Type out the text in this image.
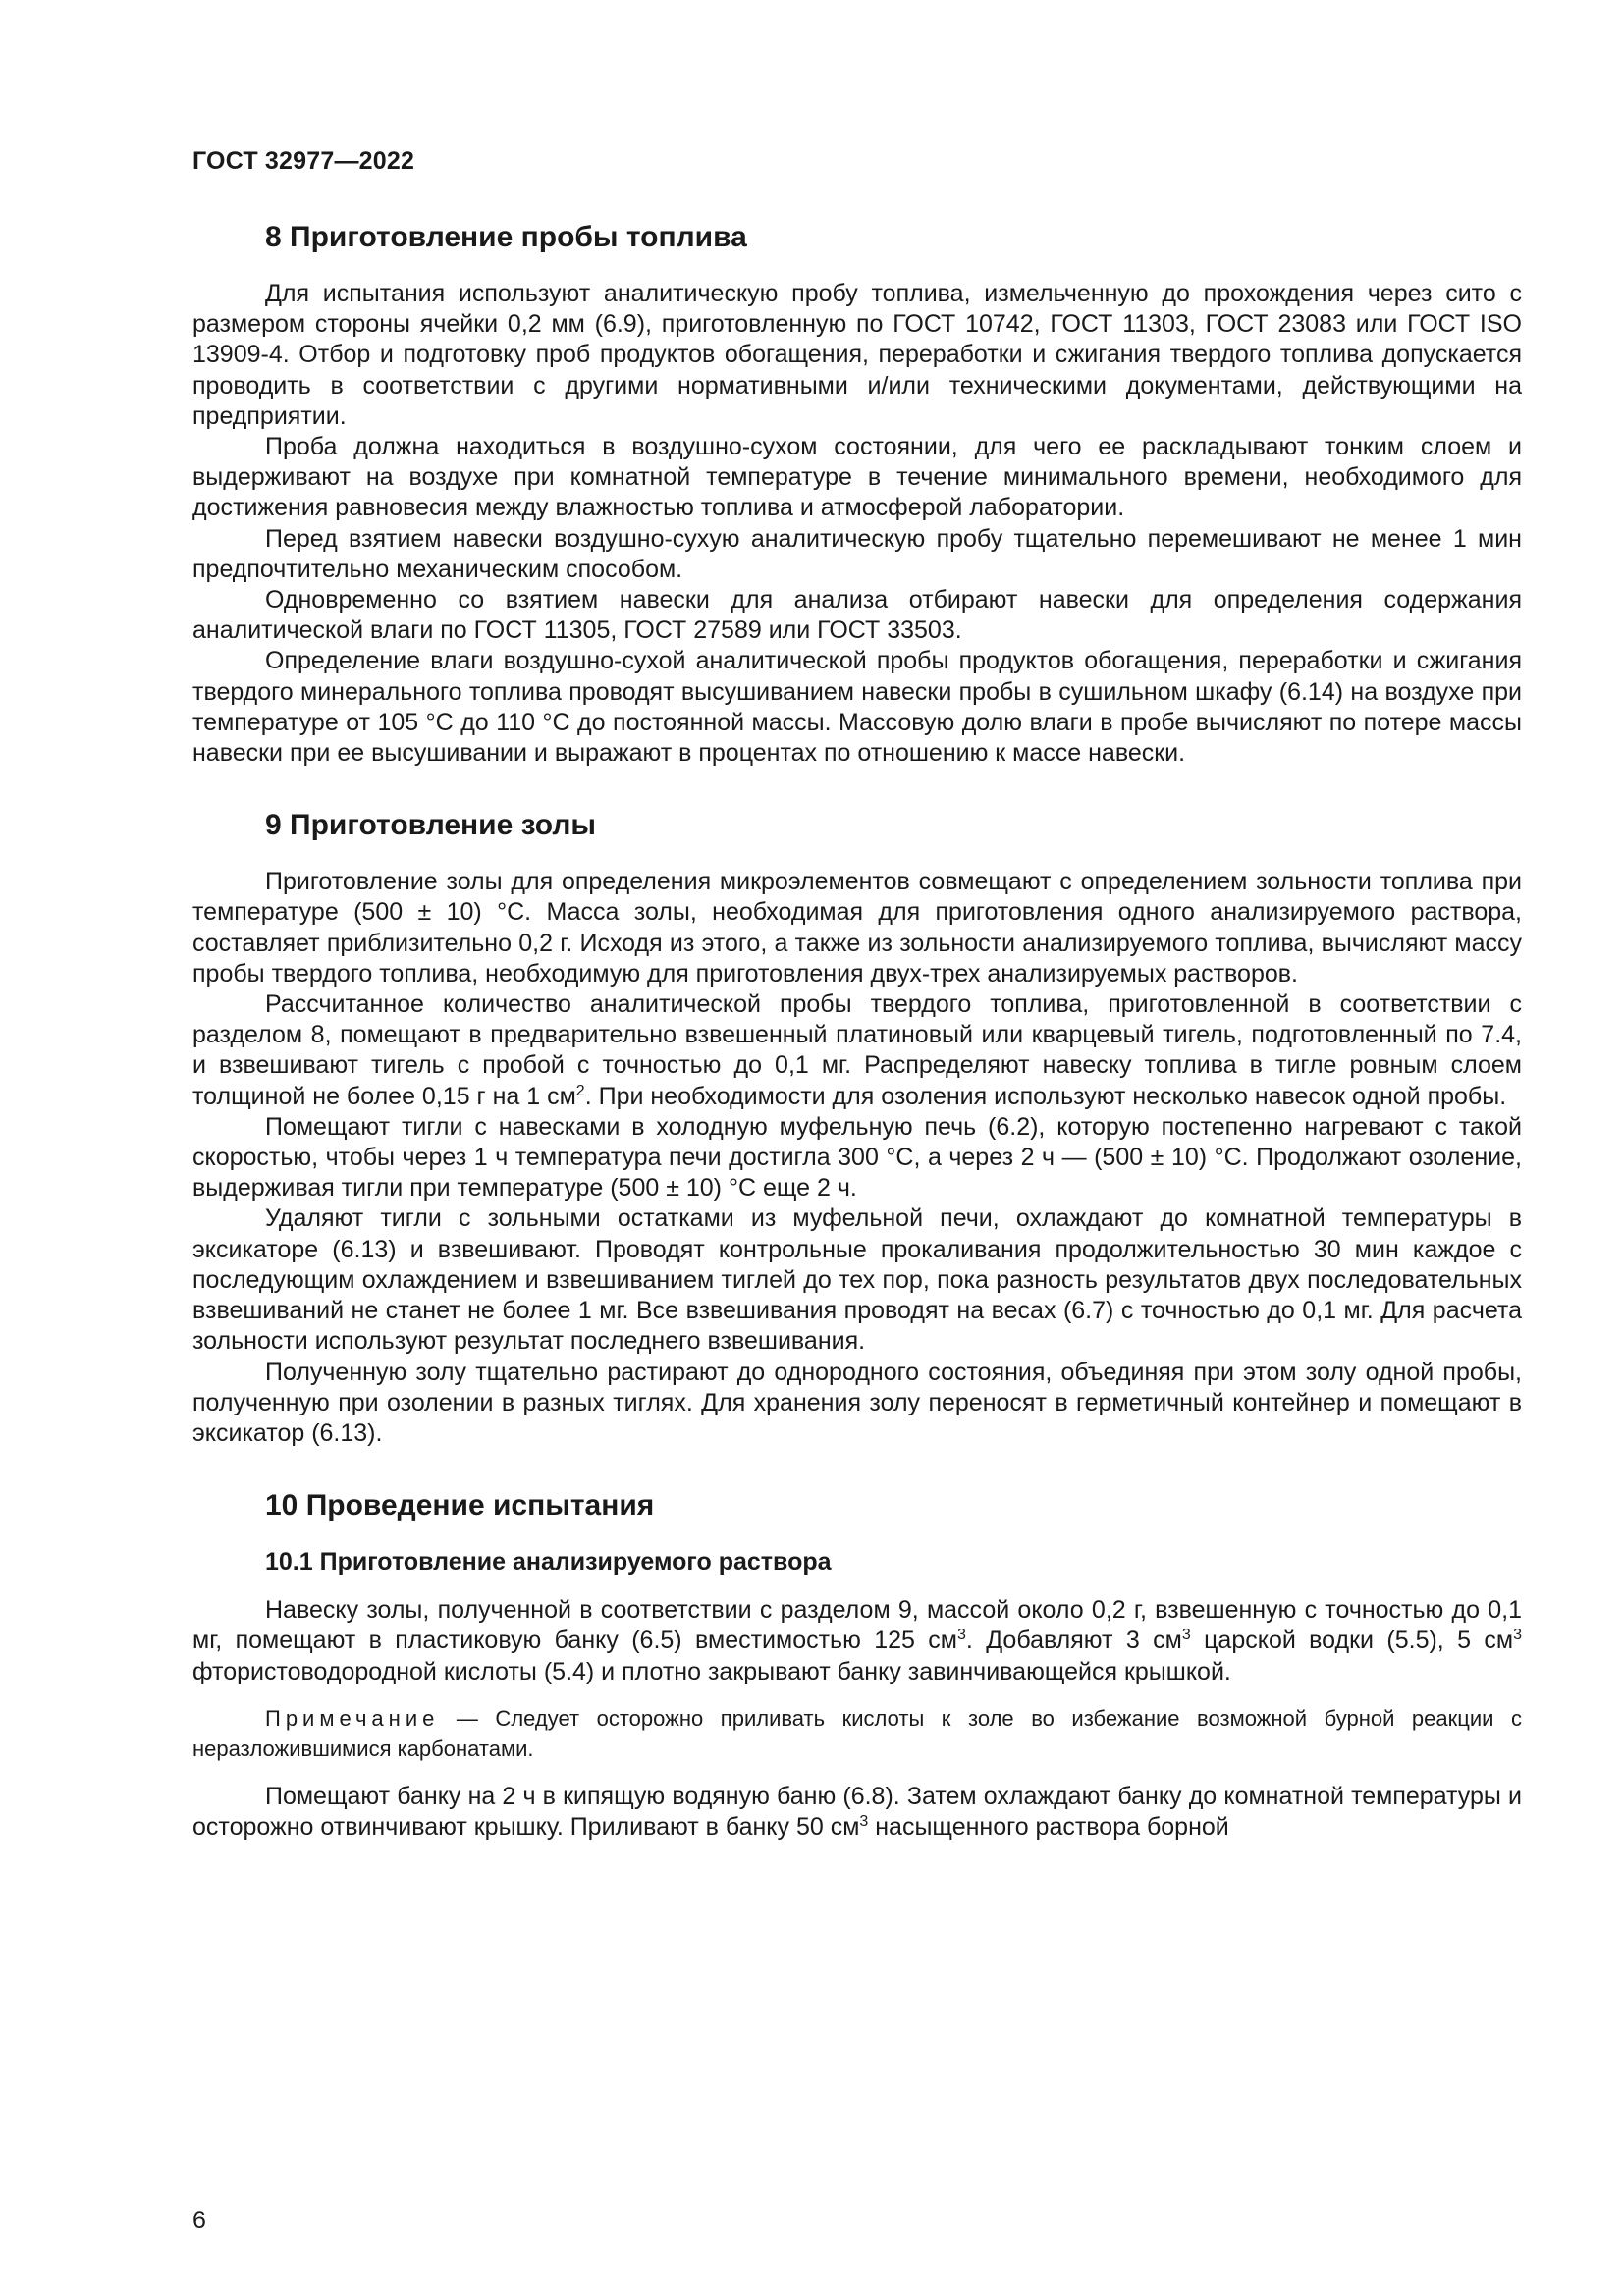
ГОСТ 32977—2022
8 Приготовление пробы топлива

Для испытания используют аналитическую пробу топлива, измельченную до прохождения через сито с размером стороны ячейки 0,2 мм (6.9), приготовленную по ГОСТ 10742, ГОСТ 11303, ГОСТ 23083 или ГОСТ ISO 13909-4. Отбор и подготовку проб продуктов обогащения, переработки и сжигания твердого топлива допускается проводить в соответствии с другими нормативными и/или техническими документами, действующими на предприятии.

Проба должна находиться в воздушно-сухом состоянии, для чего ее раскладывают тонким слоем и выдерживают на воздухе при комнатной температуре в течение минимального времени, необходимого для достижения равновесия между влажностью топлива и атмосферой лаборатории.

Перед взятием навески воздушно-сухую аналитическую пробу тщательно перемешивают не менее 1 мин предпочтительно механическим способом.

Одновременно со взятием навески для анализа отбирают навески для определения содержания аналитической влаги по ГОСТ 11305, ГОСТ 27589 или ГОСТ 33503.

Определение влаги воздушно-сухой аналитической пробы продуктов обогащения, переработки и сжигания твердого минерального топлива проводят высушиванием навески пробы в сушильном шкафу (6.14) на воздухе при температуре от 105 °С до 110 °С до постоянной массы. Массовую долю влаги в пробе вычисляют по потере массы навески при ее высушивании и выражают в процентах по отношению к массе навески.

9 Приготовление золы

Приготовление золы для определения микроэлементов совмещают с определением зольности топлива при температуре (500 ± 10) °С. Масса золы, необходимая для приготовления одного анализируемого раствора, составляет приблизительно 0,2 г. Исходя из этого, а также из зольности анализируемого топлива, вычисляют массу пробы твердого топлива, необходимую для приготовления двух-трех анализируемых растворов.

Рассчитанное количество аналитической пробы твердого топлива, приготовленной в соответствии с разделом 8, помещают в предварительно взвешенный платиновый или кварцевый тигель, подготовленный по 7.4, и взвешивают тигель с пробой с точностью до 0,1 мг. Распределяют навеску топлива в тигле ровным слоем толщиной не более 0,15 г на 1 $см^2$. При необходимости для озоления используют несколько навесок одной пробы.

Помещают тигли с навесками в холодную муфельную печь (6.2), которую постепенно нагревают с такой скоростью, чтобы через 1 ч температура печи достигла 300 °С, а через 2 ч — (500 ± 10) °С. Продолжают озоление, выдерживая тигли при температуре (500 ± 10) °С еще 2 ч.

Удаляют тигли с зольными остатками из муфельной печи, охлаждают до комнатной температуры в эксикаторе (6.13) и взвешивают. Проводят контрольные прокаливания продолжительностью 30 мин каждое с последующим охлаждением и взвешиванием тиглей до тех пор, пока разность результатов двух последовательных взвешиваний не станет не более 1 мг. Все взвешивания проводят на весах (6.7) с точностью до 0,1 мг. Для расчета зольности используют результат последнего взвешивания.

Полученную золу тщательно растирают до однородного состояния, объединяя при этом золу одной пробы, полученную при озолении в разных тиглях. Для хранения золу переносят в герметичный контейнер и помещают в эксикатор (6.13).

10 Проведение испытания
10.1 Приготовление анализируемого раствора

Навеску золы, полученной в соответствии с разделом 9, массой около 0,2 г, взвешенную с точностью до 0,1 мг, помещают в пластиковую банку (6.5) вместимостью 125 $см^3$. Добавляют 3 $см^3$ царской водки (5.5), 5 $см^3$ фтористоводородной кислоты (5.4) и плотно закрывают банку завинчивающейся крышкой.

Примечание — Следует осторожно приливать кислоты к золе во избежание возможной бурной реакции с неразложившимися карбонатами.

Помещают банку на 2 ч в кипящую водяную баню (6.8). Затем охлаждают банку до комнатной температуры и осторожно отвинчивают крышку. Приливают в банку 50 $см^3$ насыщенного раствора борной

6
